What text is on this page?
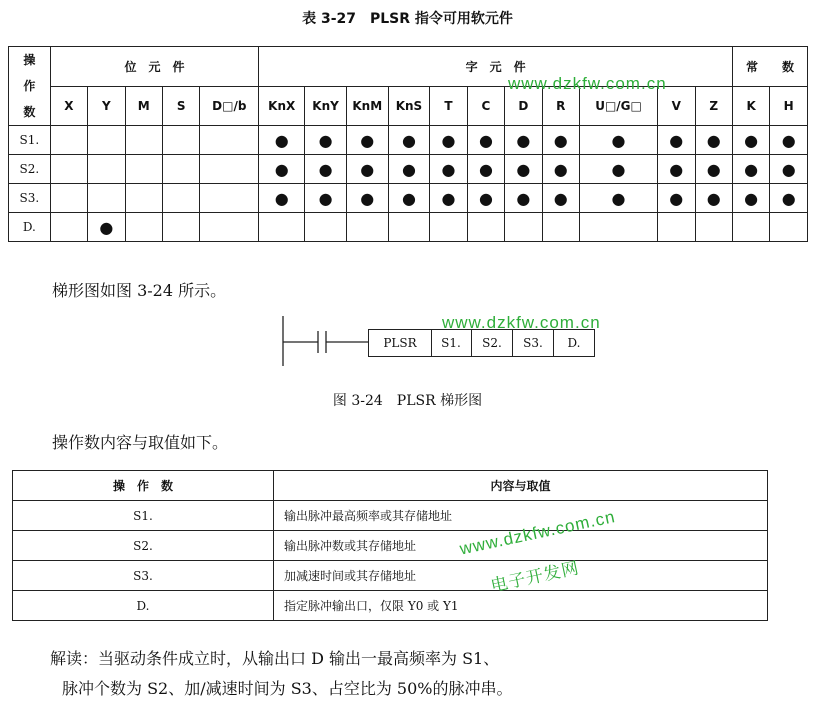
表 3-27　PLSR 指令可用软元件
操
作
数	位　元　件					字　元　件											常　　数	
	X	Y	M	S	D□/b	KnX	KnY	KnM	KnS	T	C	D	R	U□/G□	V	Z	K	H
S1.						●	●	●	●	●	●	●	●	●	●	●	●	●
S2.						●	●	●	●	●	●	●	●	●	●	●	●	●
S3.						●	●	●	●	●	●	●	●	●	●	●	●	●
D.		●																
梯形图如图 3-24 所示。
PLSR	S1.	S2.	S3.	D.
图 3-24　PLSR 梯形图
操作数内容与取值如下。
操　作　数	内容与取值
S1.	输出脉冲最高频率或其存储地址
S2.	输出脉冲数或其存储地址
S3.	加减速时间或其存储地址
D.	指定脉冲输出口，仅限 Y0 或 Y1
解读：当驱动条件成立时，从输出口 D 输出一最高频率为 S1、
脉冲个数为 S2、加/减速时间为 S3、占空比为 50%的脉冲串。
www.dzkfw.com.cn
www.dzkfw.com.cn
www.dzkfw.com.cn
电子开发网
